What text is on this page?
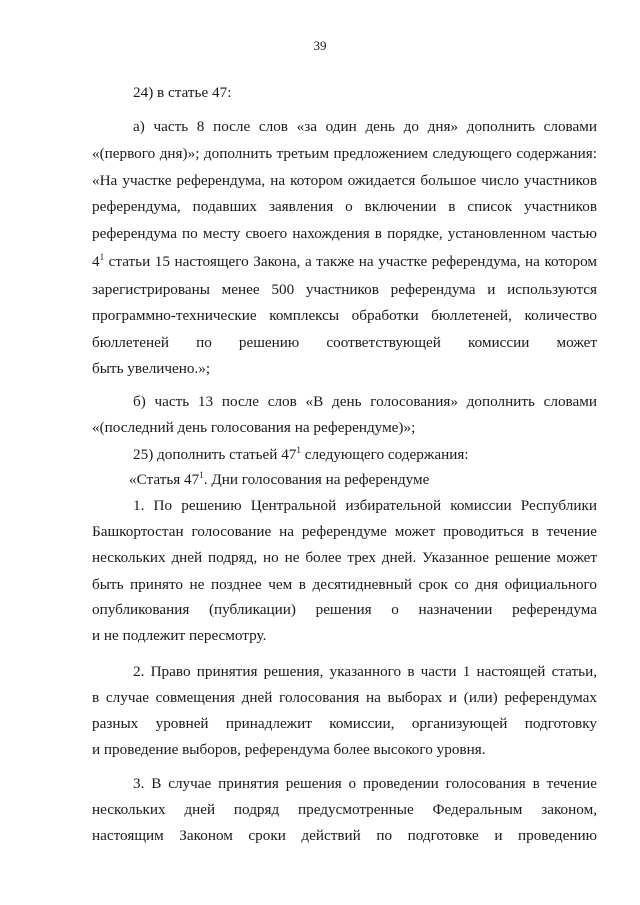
39
24) в статье 47:
а) часть 8 после слов «за один день до дня» дополнить словами
«(первого дня)»; дополнить третьим предложением следующего содержания:
«На участке референдума, на котором ожидается большое число участников
референдума, подавших заявления о включении в список участников
референдума по месту своего нахождения в порядке, установленном частью
$4^1$ статьи 15 настоящего Закона, а также на участке референдума, на котором
зарегистрированы менее 500 участников референдума и используются
программно-технические комплексы обработки бюллетеней, количество
бюллетеней по решению соответствующей комиссии может
быть увеличено.»;
б) часть 13 после слов «В день голосования» дополнить словами
«(последний день голосования на референдуме)»;
25) дополнить статьей $47^1$ следующего содержания:
«Статья $47^1$. Дни голосования на референдуме
1. По решению Центральной избирательной комиссии Республики
Башкортостан голосование на референдуме может проводиться в течение
нескольких дней подряд, но не более трех дней. Указанное решение может
быть принято не позднее чем в десятидневный срок со дня официального
опубликования (публикации) решения о назначении референдума
и не подлежит пересмотру.
2. Право принятия решения, указанного в части 1 настоящей статьи,
в случае совмещения дней голосования на выборах и (или) референдумах
разных уровней принадлежит комиссии, организующей подготовку
и проведение выборов, референдума более высокого уровня.
3. В случае принятия решения о проведении голосования в течение
нескольких дней подряд предусмотренные Федеральным законом,
настоящим Законом сроки действий по подготовке и проведению
